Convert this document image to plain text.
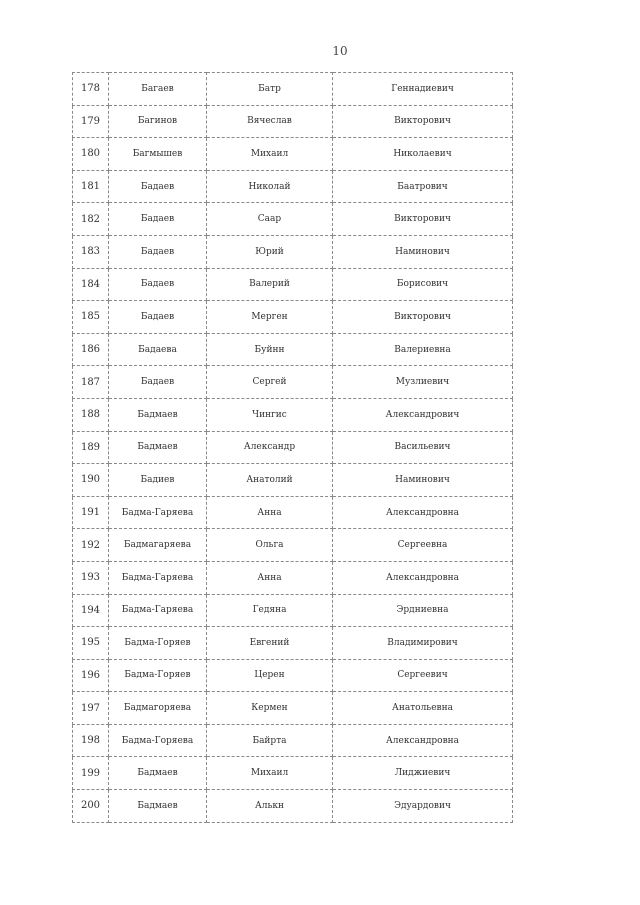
10
178	Багаев	Батр	Геннадиевич
179	Багинов	Вячеслав	Викторович
180	Багмышев	Михаил	Николаевич
181	Бадаев	Николай	Баатрович
182	Бадаев	Саар	Викторович
183	Бадаев	Юрий	Наминович
184	Бадаев	Валерий	Борисович
185	Бадаев	Мерген	Викторович
186	Бадаева	Буйнн	Валериевна
187	Бадаев	Сергей	Музлиевич
188	Бадмаев	Чингис	Александрович
189	Бадмаев	Александр	Васильевич
190	Бадиев	Анатолий	Наминович
191	Бадма-Гаряева	Анна	Александровна
192	Бадмагаряева	Ольга	Сергеевна
193	Бадма-Гаряева	Анна	Александровна
194	Бадма-Гаряева	Гедяна	Эрдниевна
195	Бадма-Горяев	Евгений	Владимирович
196	Бадма-Горяев	Церен	Сергеевич
197	Бадмагоряева	Кермен	Анатольевна
198	Бадма-Горяева	Байрта	Александровна
199	Бадмаев	Михаил	Лиджиевич
200	Бадмаев	Алькн	Эдуардович
